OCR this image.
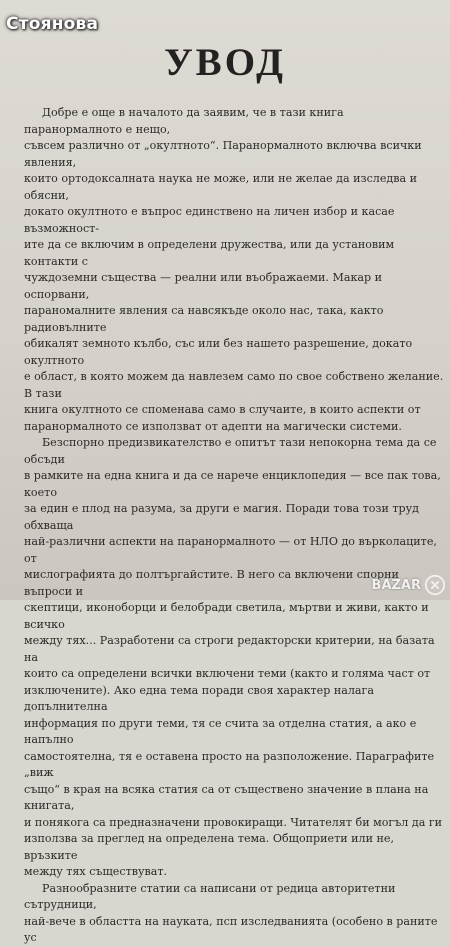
Стоянова
УВОД

Добре е още в началото да заявим, че в тази книга паранормалното е нещо,
съвсем различно от „окултното“. Паранормалното включва всички явления,
които ортодоксалната наука не може, или не желае да изследва и обясни,
докато окултното е въпрос единствено на личен избор и касае възможност-
ите да се включим в определени дружества, или да установим контакти с
чуждоземни същества — реални или въображаеми. Макар и оспорвани,
параномалните явления са навсякъде около нас, така, както радиовълните
обикалят земното кълбо, със или без нашето разрешение, докато окултното
е област, в която можем да навлезем само по свое собствено желание. В тази
книга окултното се споменава само в случаите, в които аспекти от
паранормалното се използват от адепти на магически системи.

Безспорно предизвикателство е опитът тази непокорна тема да се обсъди
в рамките на една книга и да се нарече енциклопедия — все пак това, което
за един е плод на разума, за други е магия. Поради това този труд обхваща
най-различни аспекти на паранормалното — от НЛО до върколаците, от
мислографията до полтъргайстите. В него са включени спорни въпроси и
скептици, иконоборци и белобради светила, мъртви и живи, както и всичко
между тях... Разработени са строги редакторски критерии, на базата на
които са определени всички включени теми (както и голяма част от
изключените). Ако една тема поради своя характер налага допълнителна
информация по други теми, тя се счита за отделна статия, а ако е напълно
самостоятелна, тя е оставена просто на разположение. Параграфите „виж
също“ в края на всяка статия са от съществено значение в плана на книгата,
и понякога са предназначени провокиращи. Читателят би могъл да ги
използва за преглед на определена тема. Общоприети или не, връзките
между тях съществуват.

Разнообразните статии са написани от редица авторитетни сътрудници,
най-вече в областта на науката, псп изследванията (особено в раните ус

BAZAR
